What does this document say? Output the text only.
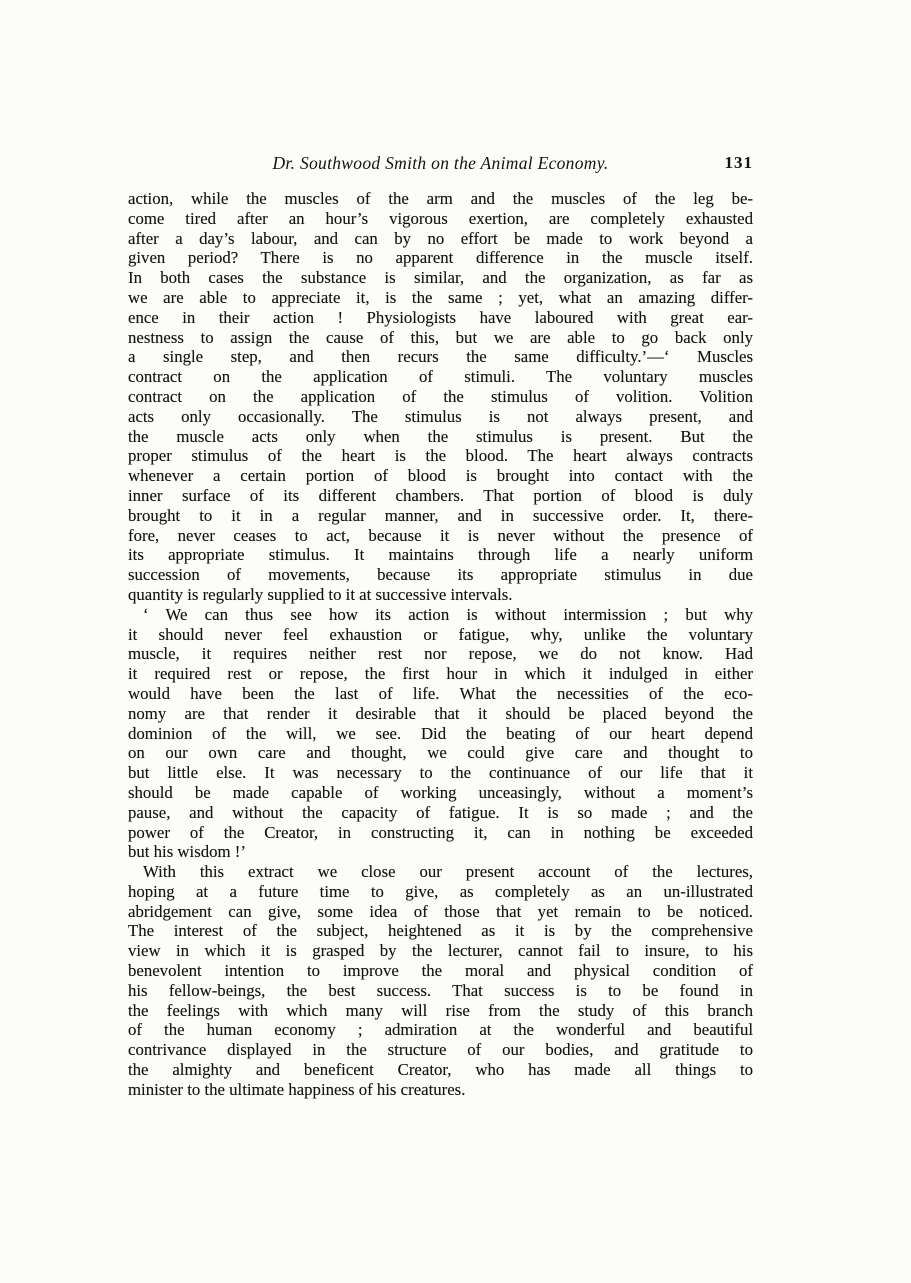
Dr. Southwood Smith on the Animal Economy.	131
action, while the muscles of the arm and the muscles of the leg be-
come tired after an hour’s vigorous exertion, are completely exhausted
after a day’s labour, and can by no effort be made to work beyond a
given period? There is no apparent difference in the muscle itself.
In both cases the substance is similar, and the organization, as far as
we are able to appreciate it, is the same ; yet, what an amazing differ-
ence in their action ! Physiologists have laboured with great ear-
nestness to assign the cause of this, but we are able to go back only
a single step, and then recurs the same difficulty.’—‘ Muscles
contract on the application of stimuli. The voluntary muscles
contract on the application of the stimulus of volition. Volition
acts only occasionally. The stimulus is not always present, and
the muscle acts only when the stimulus is present. But the
proper stimulus of the heart is the blood. The heart always contracts
whenever a certain portion of blood is brought into contact with the
inner surface of its different chambers. That portion of blood is duly
brought to it in a regular manner, and in successive order. It, there-
fore, never ceases to act, because it is never without the presence of
its appropriate stimulus. It maintains through life a nearly uniform
succession of movements, because its appropriate stimulus in due
quantity is regularly supplied to it at successive intervals.
‘ We can thus see how its action is without intermission ; but why
it should never feel exhaustion or fatigue, why, unlike the voluntary
muscle, it requires neither rest nor repose, we do not know. Had
it required rest or repose, the first hour in which it indulged in either
would have been the last of life. What the necessities of the eco-
nomy are that render it desirable that it should be placed beyond the
dominion of the will, we see. Did the beating of our heart depend
on our own care and thought, we could give care and thought to
but little else. It was necessary to the continuance of our life that it
should be made capable of working unceasingly, without a moment’s
pause, and without the capacity of fatigue. It is so made ; and the
power of the Creator, in constructing it, can in nothing be exceeded
but his wisdom !’
With this extract we close our present account of the lectures,
hoping at a future time to give, as completely as an un-illustrated
abridgement can give, some idea of those that yet remain to be noticed.
The interest of the subject, heightened as it is by the comprehensive
view in which it is grasped by the lecturer, cannot fail to insure, to his
benevolent intention to improve the moral and physical condition of
his fellow-beings, the best success. That success is to be found in
the feelings with which many will rise from the study of this branch
of the human economy ; admiration at the wonderful and beautiful
contrivance displayed in the structure of our bodies, and gratitude to
the almighty and beneficent Creator, who has made all things to
minister to the ultimate happiness of his creatures.
